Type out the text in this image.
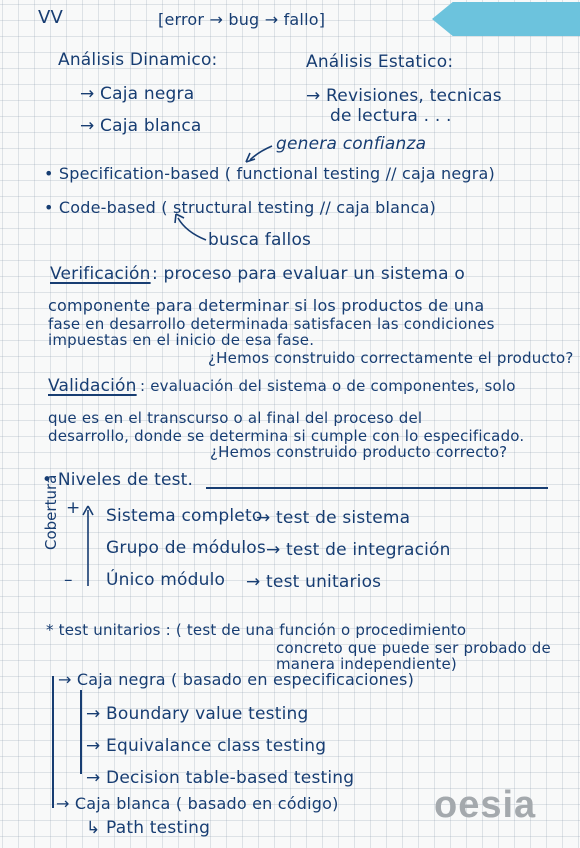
VV	[error → bug → fallo]
Análisis Dinamico:
→ Caja negra
→ Caja blanca
Análisis Estatico:
→ Revisiones, tecnicas
de lectura . . .
genera confianza
• Specification-based ( functional testing // caja negra)
• Code-based ( structural testing // caja blanca)
busca fallos
Verificación : proceso para evaluar un sistema o
componente para determinar si los productos de una
fase en desarrollo determinada satisfacen las condiciones
impuestas en el inicio de esa fase.
¿Hemos construido correctamente el producto?
Validación : evaluación del sistema o de componentes, solo
que es en el transcurso o al final del proceso del
desarrollo, donde se determina si cumple con lo especificado.
¿Hemos construido producto correcto?
• Niveles de test.
Cobertura +
–
Sistema completo
→ test de sistema
Grupo de módulos → test de integración
Único módulo → test unitarios
* test unitarios : ( test de una función o procedimiento
concreto que puede ser probado de
manera independiente)
→ Caja negra ( basado en especificaciones)
→ Boundary value testing
→ Equivalance class testing
→ Decision table-based testing
→ Caja blanca ( basado en código)
↳ Path testing
oesia
